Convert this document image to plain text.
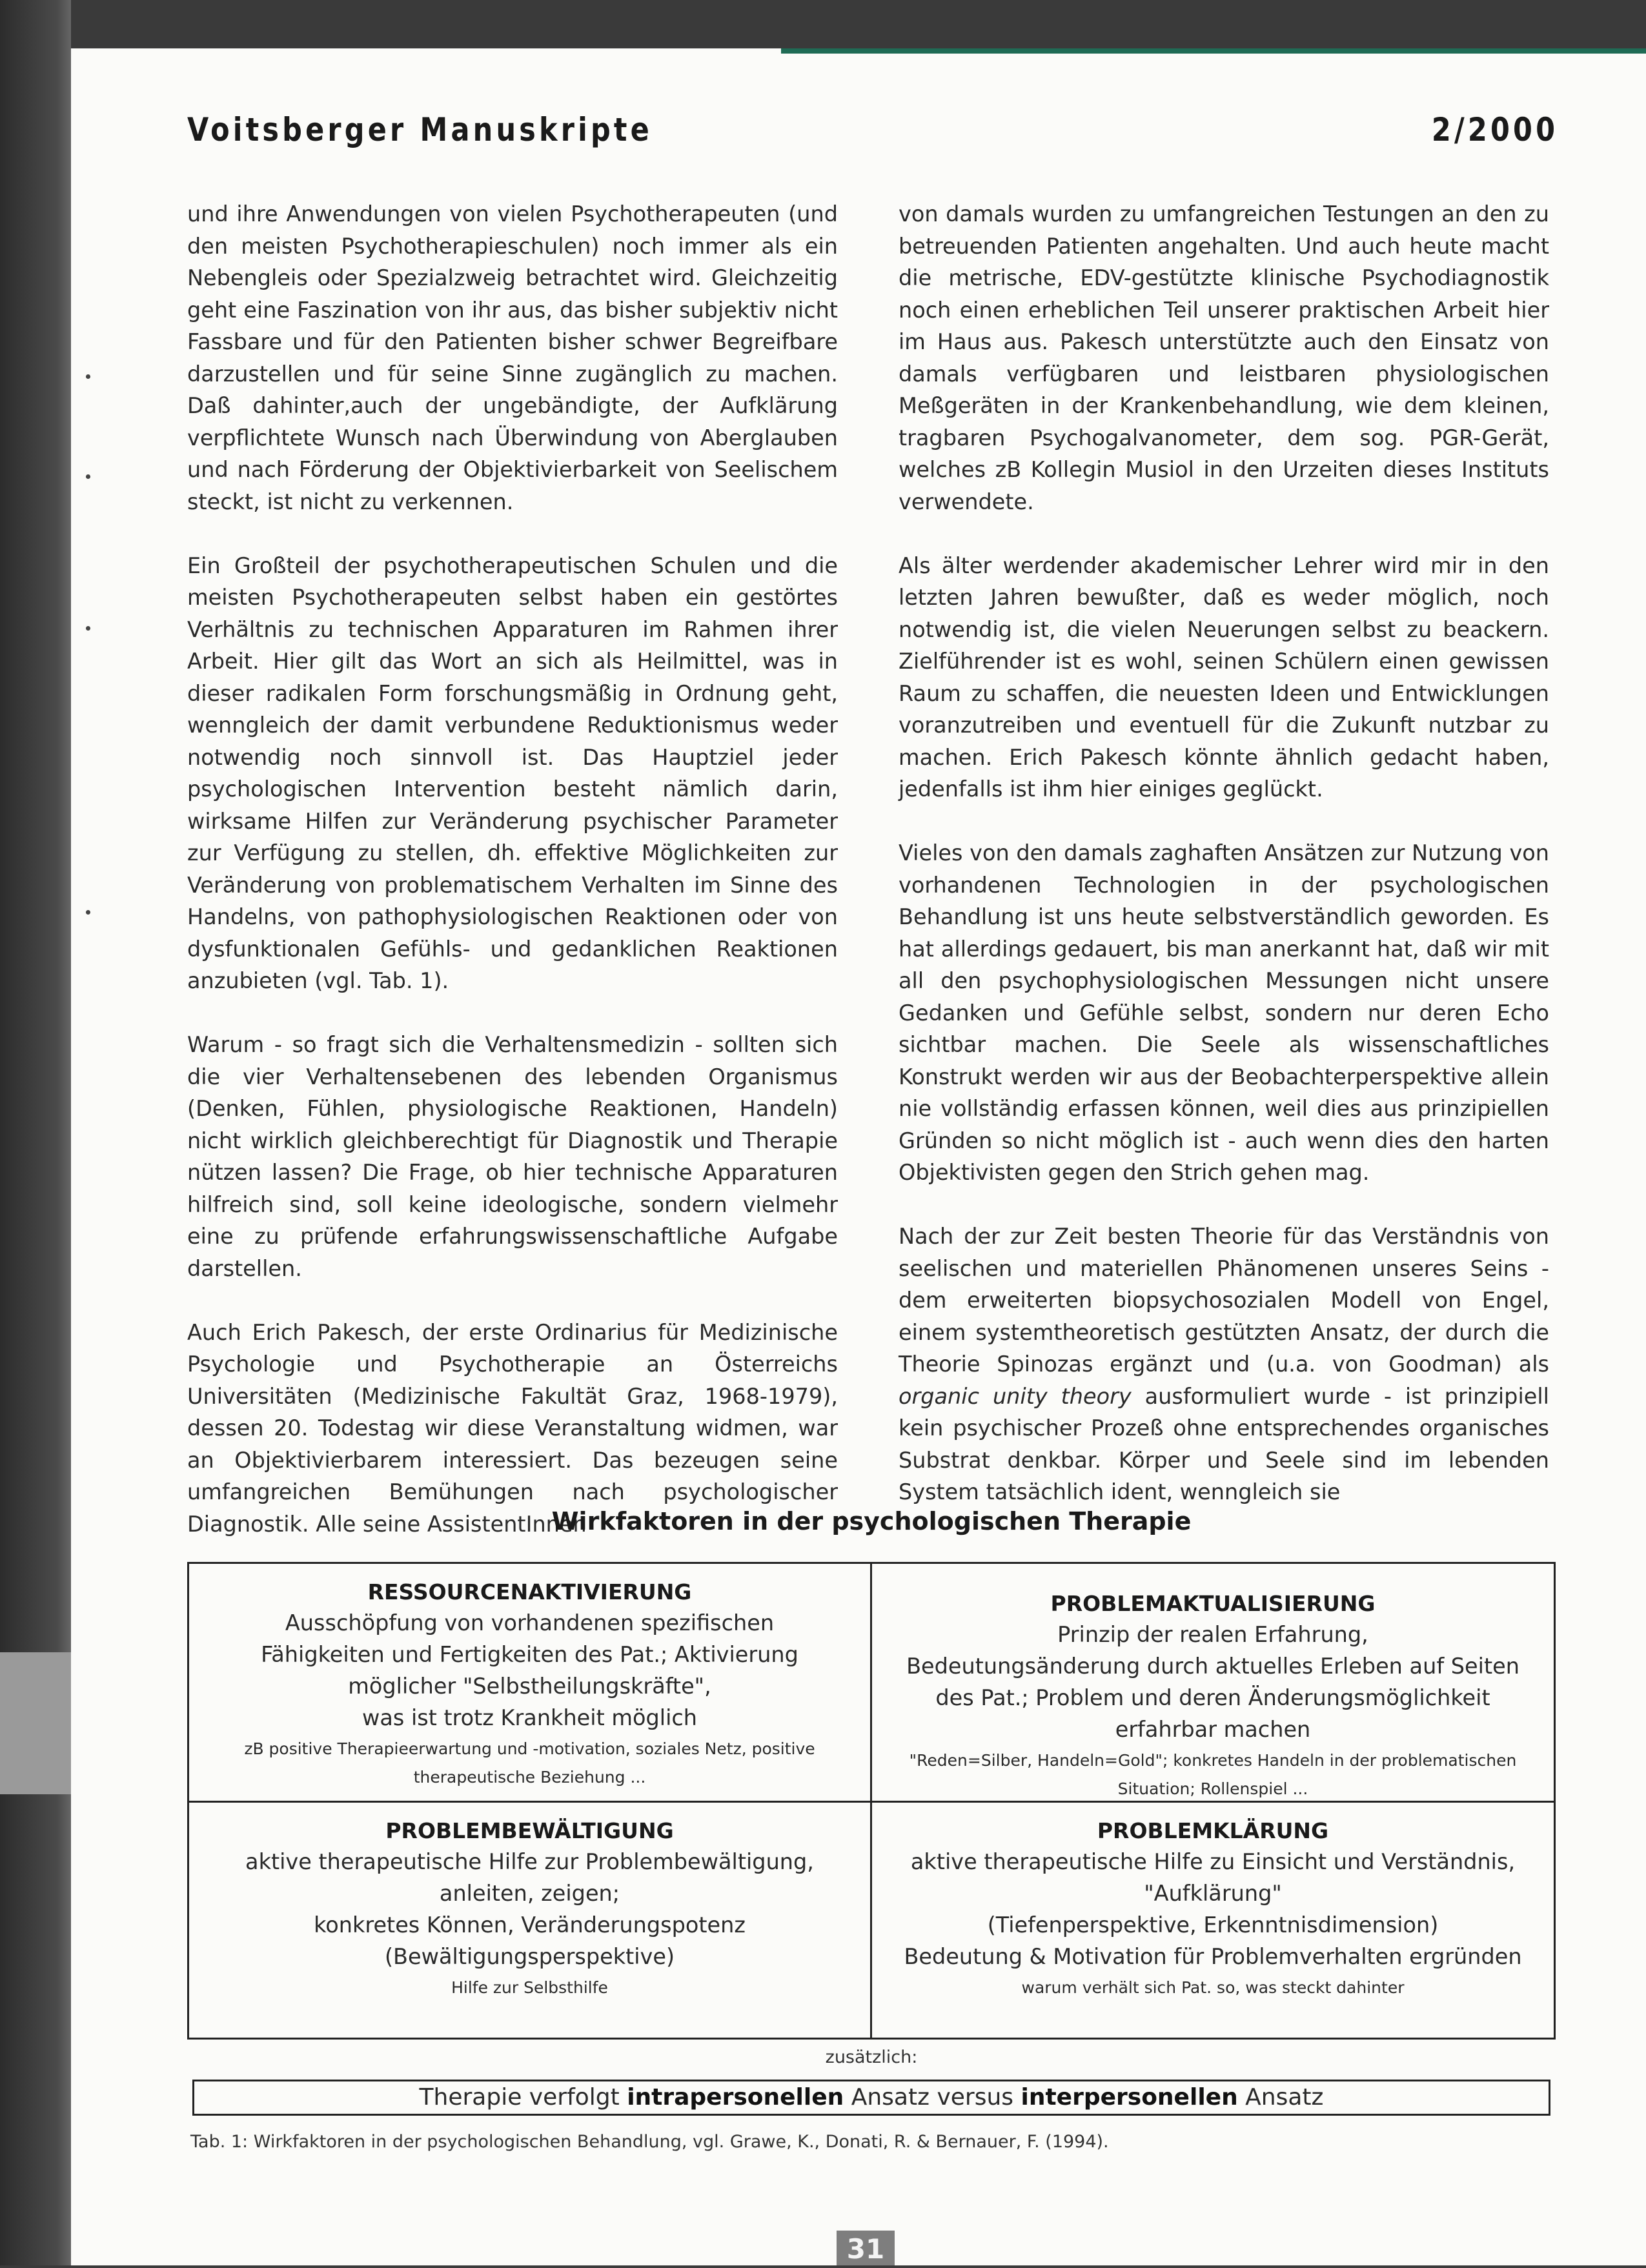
Voitsberger Manuskripte	2/2000

und ihre Anwendungen von vielen Psychotherapeuten (und den meisten Psychotherapieschulen) noch immer als ein Nebengleis oder Spezialzweig betrachtet wird. Gleichzeitig geht eine Faszination von ihr aus, das bisher subjektiv nicht Fassbare und für den Patienten bisher schwer Begreifbare darzustellen und für seine Sinne zugänglich zu machen. Daß dahinter,auch der ungebändigte, der Aufklärung verpflichtete Wunsch nach Überwindung von Aberglauben und nach Förderung der Objektivierbarkeit von Seelischem steckt, ist nicht zu verkennen.

Ein Großteil der psychotherapeutischen Schulen und die meisten Psychotherapeuten selbst haben ein gestörtes Verhältnis zu technischen Apparaturen im Rahmen ihrer Arbeit. Hier gilt das Wort an sich als Heilmittel, was in dieser radikalen Form forschungsmäßig in Ordnung geht, wenngleich der damit verbundene Reduktionismus weder notwendig noch sinnvoll ist. Das Hauptziel jeder psychologischen Intervention besteht nämlich darin, wirksame Hilfen zur Veränderung psychischer Parameter zur Verfügung zu stellen, dh. effektive Möglichkeiten zur Veränderung von problematischem Verhalten im Sinne des Handelns, von pathophysiologischen Reaktionen oder von dysfunktionalen Gefühls- und gedanklichen Reaktionen anzubieten (vgl. Tab. 1).

Warum - so fragt sich die Verhaltensmedizin - sollten sich die vier Verhaltensebenen des lebenden Organismus (Denken, Fühlen, physiologische Reaktionen, Handeln) nicht wirklich gleichberechtigt für Diagnostik und Therapie nützen lassen? Die Frage, ob hier technische Apparaturen hilfreich sind, soll keine ideologische, sondern vielmehr eine zu prüfende erfahrungswissenschaftliche Aufgabe darstellen.

Auch Erich Pakesch, der erste Ordinarius für Medizinische Psychologie und Psychotherapie an Österreichs Universitäten (Medizinische Fakultät Graz, 1968-1979), dessen 20. Todestag wir diese Veranstaltung widmen, war an Objektivierbarem interessiert. Das bezeugen seine umfangreichen Bemühungen nach psychologischer Diagnostik. Alle seine AssistentInnen

von damals wurden zu umfangreichen Testungen an den zu betreuenden Patienten angehalten. Und auch heute macht die metrische, EDV-gestützte klinische Psychodiagnostik noch einen erheblichen Teil unserer praktischen Arbeit hier im Haus aus. Pakesch unterstützte auch den Einsatz von damals verfügbaren und leistbaren physiologischen Meßgeräten in der Krankenbehandlung, wie dem kleinen, tragbaren Psychogalvanometer, dem sog. PGR-Gerät, welches zB Kollegin Musiol in den Urzeiten dieses Instituts verwendete.

Als älter werdender akademischer Lehrer wird mir in den letzten Jahren bewußter, daß es weder möglich, noch notwendig ist, die vielen Neuerungen selbst zu beackern. Zielführender ist es wohl, seinen Schülern einen gewissen Raum zu schaffen, die neuesten Ideen und Entwicklungen voranzutreiben und eventuell für die Zukunft nutzbar zu machen. Erich Pakesch könnte ähnlich gedacht haben, jedenfalls ist ihm hier einiges geglückt.

Vieles von den damals zaghaften Ansätzen zur Nutzung von vorhandenen Technologien in der psychologischen Behandlung ist uns heute selbstverständlich geworden. Es hat allerdings gedauert, bis man anerkannt hat, daß wir mit all den psychophysiologischen Messungen nicht unsere Gedanken und Gefühle selbst, sondern nur deren Echo sichtbar machen. Die Seele als wissenschaftliches Konstrukt werden wir aus der Beobachterperspektive allein nie vollständig erfassen können, weil dies aus prinzipiellen Gründen so nicht möglich ist - auch wenn dies den harten Objektivisten gegen den Strich gehen mag.

Nach der zur Zeit besten Theorie für das Verständnis von seelischen und materiellen Phänomenen unseres Seins - dem erweiterten biopsychosozialen Modell von Engel, einem systemtheoretisch gestützten Ansatz, der durch die Theorie Spinozas ergänzt und (u.a. von Goodman) als organic unity theory ausformuliert wurde - ist prinzipiell kein psychischer Prozeß ohne entsprechendes organisches Substrat denkbar. Körper und Seele sind im lebenden System tatsächlich ident, wenngleich sie

Wirkfaktoren in der psychologischen Therapie
RESSOURCENAKTIVIERUNG
Ausschöpfung von vorhandenen spezifischen
Fähigkeiten und Fertigkeiten des Pat.; Aktivierung
möglicher "Selbstheilungskräfte",
was ist trotz Krankheit möglich
zB positive Therapieerwartung und -motivation, soziales Netz, positive
therapeutische Beziehung ...
PROBLEMAKTUALISIERUNG
Prinzip der realen Erfahrung,
Bedeutungsänderung durch aktuelles Erleben auf Seiten
des Pat.; Problem und deren Änderungsmöglichkeit
erfahrbar machen
"Reden=Silber, Handeln=Gold"; konkretes Handeln in der problematischen
Situation; Rollenspiel ...
PROBLEMBEWÄLTIGUNG
aktive therapeutische Hilfe zur Problembewältigung,
anleiten, zeigen;
konkretes Können, Veränderungspotenz
(Bewältigungsperspektive)
Hilfe zur Selbsthilfe
PROBLEMKLÄRUNG
aktive therapeutische Hilfe zu Einsicht und Verständnis,
"Aufklärung"
(Tiefenperspektive, Erkenntnisdimension)
Bedeutung & Motivation für Problemverhalten ergründen
warum verhält sich Pat. so, was steckt dahinter
zusätzlich:
Therapie verfolgt intrapersonellen Ansatz versus interpersonellen Ansatz
Tab. 1: Wirkfaktoren in der psychologischen Behandlung, vgl. Grawe, K., Donati, R. & Bernauer, F. (1994).
31
